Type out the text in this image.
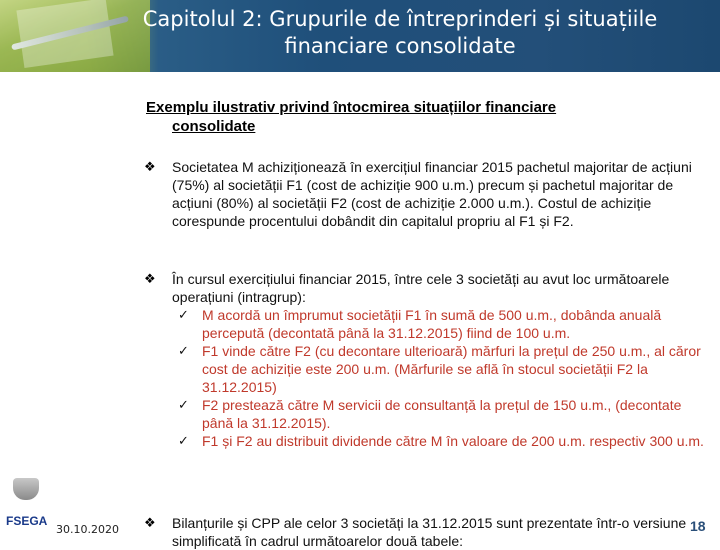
Capitolul 2: Grupurile de întreprinderi și situațiile
financiare consolidate
FSEGA
30.10.2020
Exemplu ilustrativ privind întocmirea situațiilor financiare
consolidate
❖ Societatea M achiziționează în exercițiul financiar 2015 pachetul majoritar de acțiuni (75%) al societății F1 (cost de achiziție 900 u.m.) precum și pachetul majoritar de acțiuni (80%) al societății F2 (cost de achiziție 2.000 u.m.). Costul de achiziție corespunde procentului dobândit din capitalul propriu al F1 și F2.
❖ În cursul exercițiului financiar 2015, între cele 3 societăți au avut loc următoarele operațiuni (intragrup):
✓ M acordă un împrumut societății F1 în sumă de 500 u.m., dobânda anuală percepută (decontată până la 31.12.2015) fiind de 100 u.m.
✓ F1 vinde către F2 (cu decontare ulterioară) mărfuri la prețul de 250 u.m., al căror cost de achiziție este 200 u.m. (Mărfurile se află în stocul societății F2 la 31.12.2015)
✓ F2 prestează către M servicii de consultanță la prețul de 150 u.m., (decontate până la 31.12.2015).
✓ F1 și F2 au distribuit dividende către M în valoare de 200 u.m. respectiv 300 u.m.
❖ Bilanțurile și CPP ale celor 3 societăți la 31.12.2015 sunt prezentate într-o versiune simplificată în cadrul următoarelor două tabele:
18
